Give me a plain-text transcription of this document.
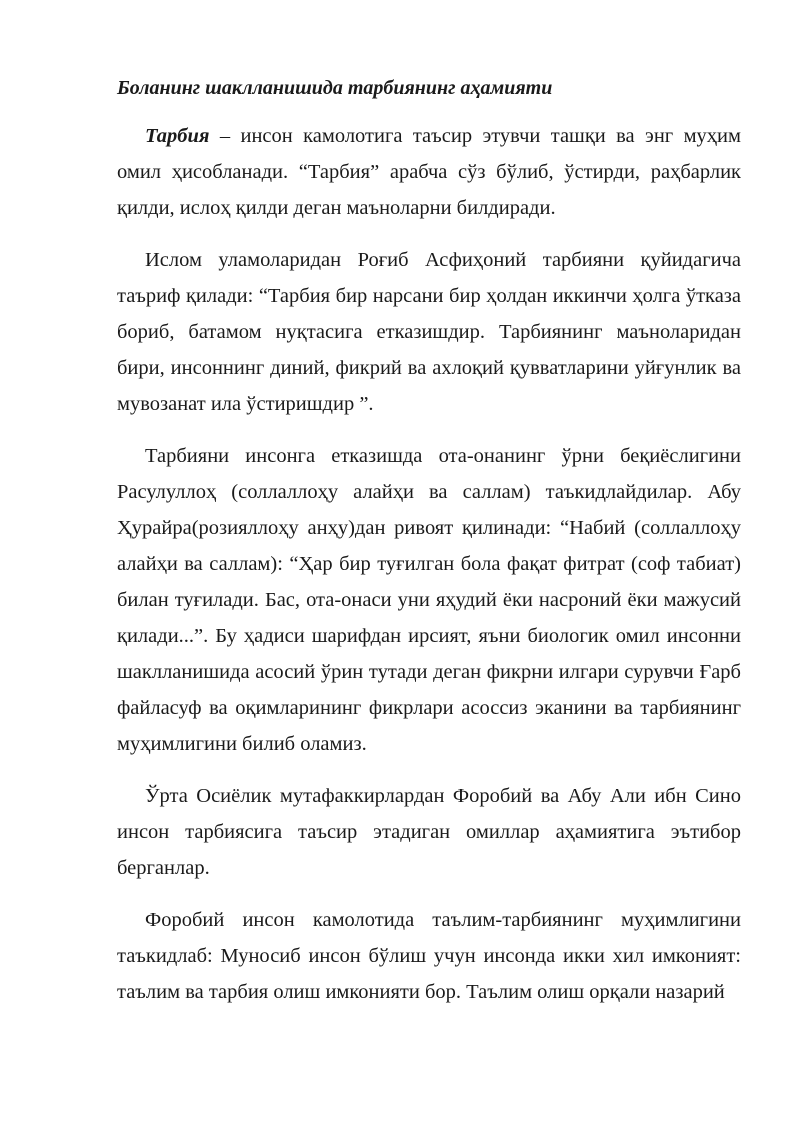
Боланинг шаклланишида тарбиянинг аҳамияти

Тарбия – инсон камолотига таъсир этувчи ташқи ва энг муҳим омил ҳисобланади. “Тарбия” арабча сўз бўлиб, ўстирди, раҳбарлик қилди, ислоҳ қилди деган маъноларни билдиради.

Ислом уламоларидан Роғиб Асфиҳоний тарбияни қуйидагича таъриф қилади: “Тарбия бир нарсани бир ҳолдан иккинчи ҳолга ўтказа бориб, батамом нуқтасига етказишдир. Тарбиянинг маъноларидан бири, инсоннинг диний, фикрий ва ахлоқий қувватларини уйғунлик ва мувозанат ила ўстиришдир ”.

Тарбияни инсонга етказишда ота-онанинг ўрни беқиёслигини Расулуллоҳ (соллаллоҳу алайҳи ва саллам) таъкидлайдилар. Абу Ҳурайра(розияллоҳу анҳу)дан ривоят қилинади: “Набий (соллаллоҳу алайҳи ва саллам): “Ҳар бир туғилган бола фақат фитрат (соф табиат) билан туғилади. Бас, ота-онаси уни яҳудий ёки насроний ёки мажусий қилади...”. Бу ҳадиси шарифдан ирсият, яъни биологик омил инсонни шаклланишида асосий ўрин тутади деган фикрни илгари сурувчи Ғарб файласуф ва оқимларининг фикрлари асоссиз эканини ва тарбиянинг муҳимлигини билиб оламиз.

Ўрта Осиёлик мутафаккирлардан Форобий ва Абу Али ибн Сино инсон тарбиясига таъсир этадиган омиллар аҳамиятига эътибор берганлар.

Форобий инсон камолотида таълим-тарбиянинг муҳимлигини таъкидлаб: Муносиб инсон бўлиш учун инсонда икки хил имконият: таълим ва тарбия олиш имконияти бор. Таълим олиш орқали назарий
